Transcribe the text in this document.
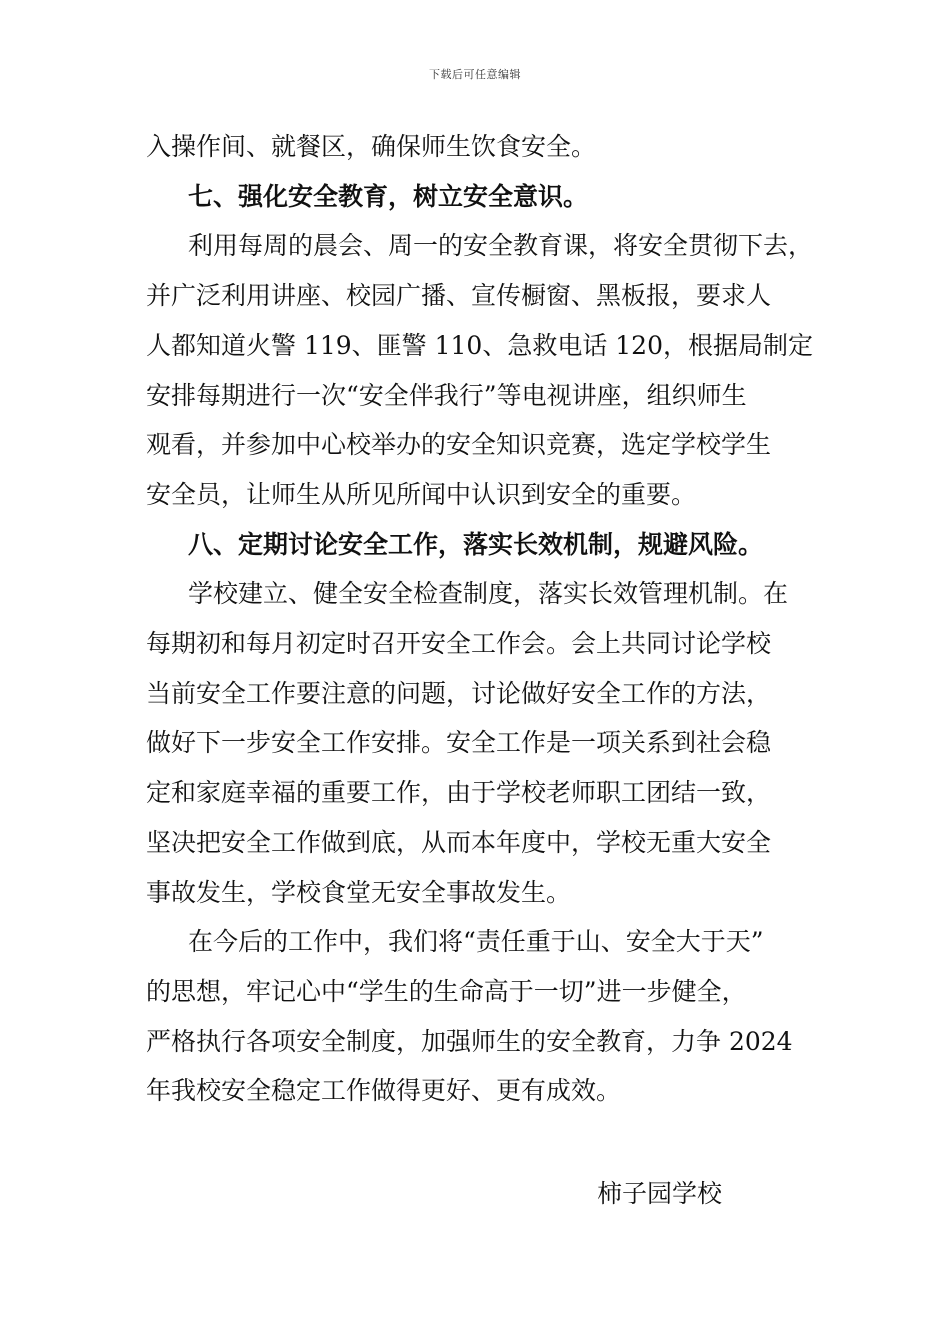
下载后可任意编辑
入操作间、就餐区，确保师生饮食安全。
七、强化安全教育，树立安全意识。
利用每周的晨会、周一的安全教育课，将安全贯彻下去，
并广泛利用讲座、校园广播、宣传橱窗、黑板报，要求人
人都知道火警 119、匪警 110、急救电话 120，根据局制定
安排每期进行一次“安全伴我行”等电视讲座，组织师生
观看，并参加中心校举办的安全知识竞赛，选定学校学生
安全员，让师生从所见所闻中认识到安全的重要。
八、定期讨论安全工作，落实长效机制，规避风险。
学校建立、健全安全检查制度，落实长效管理机制。在
每期初和每月初定时召开安全工作会。会上共同讨论学校
当前安全工作要注意的问题，讨论做好安全工作的方法，
做好下一步安全工作安排。安全工作是一项关系到社会稳
定和家庭幸福的重要工作，由于学校老师职工团结一致，
坚决把安全工作做到底，从而本年度中，学校无重大安全
事故发生，学校食堂无安全事故发生。
在今后的工作中，我们将“责任重于山、安全大于天”
的思想，牢记心中“学生的生命高于一切”进一步健全，
严格执行各项安全制度，加强师生的安全教育，力争 2024
年我校安全稳定工作做得更好、更有成效。
柿子园学校
